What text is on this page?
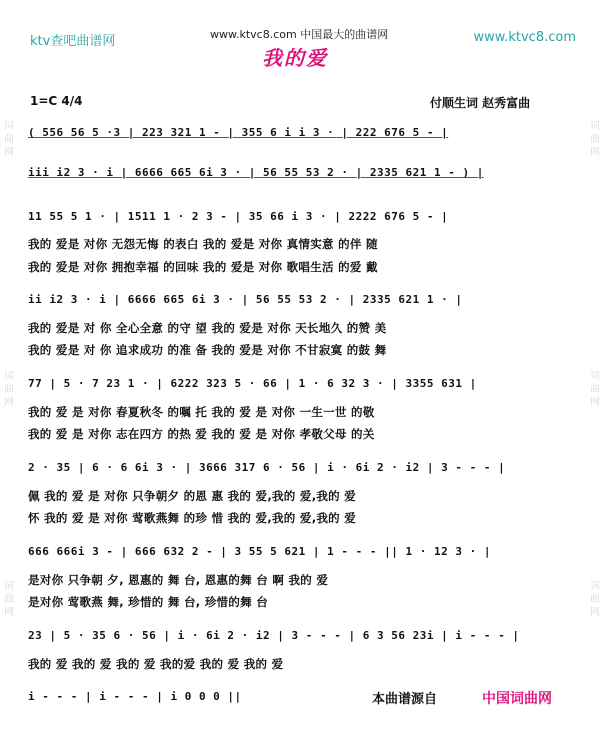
ktv查吧曲谱网	www.ktvc8.com 中国最大的曲谱网	www.ktvc8.com
我的爱
词 曲 网
词 曲 网
词 曲 网
词 曲 网
词 曲 网
词 曲 网
1=C 4/4	付顺生词 赵秀富曲
( 556 56 5 ·3 | 223 321 1 - | 355 6 i i 3 · | 222 676 5 - |
iii i2 3 · i | 6666 665 6i 3 · | 56 55 53 2 · | 2335 621 1 - ) |
11 55 5 1 · | 1511 1 · 2 3 - | 35 66 i 3 · | 2222 676 5 - |
我的 爱是 对你 无怨无悔 的表白 我的 爱是 对你 真情实意 的伴 随
我的 爱是 对你 拥抱幸福 的回味 我的 爱是 对你 歌唱生活 的爱 戴
ii i2 3 · i | 6666 665 6i 3 · | 56 55 53 2 · | 2335 621 1 · |
我的 爱是 对 你 全心全意 的守 望 我的 爱是 对你 天长地久 的赞 美
我的 爱是 对 你 追求成功 的准 备 我的 爱是 对你 不甘寂寞 的鼓 舞
77 | 5 · 7 23 1 · | 6222 323 5 · 66 | 1 · 6 32 3 · | 3355 631 |
我的 爱 是 对你 春夏秋冬 的嘱 托 我的 爱 是 对你 一生一世 的敬
我的 爱 是 对你 志在四方 的热 爱 我的 爱 是 对你 孝敬父母 的关
2 · 35 | 6 · 6 6i 3 · | 3666 317 6 · 56 | i · 6i 2 · i2 | 3 - - - |
佩 我的 爱 是 对你 只争朝夕 的恩 惠 我的 爱,我的 爱,我的 爱
怀 我的 爱 是 对你 莺歌燕舞 的珍 惜 我的 爱,我的 爱,我的 爱
666 666i 3 - | 666 632 2 - | 3 55 5 621 | 1 - - - || 1 · 12 3 · |
是对你 只争朝 夕, 恩惠的 舞 台, 恩惠的舞 台 啊 我的 爱
是对你 莺歌燕 舞, 珍惜的 舞 台, 珍惜的舞 台
23 | 5 · 35 6 · 56 | i · 6i 2 · i2 | 3 - - - | 6 3 56 23i | i - - - |
我的 爱 我的 爱 我的 爱 我的爱 我的 爱 我的 爱
i - - - | i - - - | i 0 0 0 ||	本曲谱源自	中国词曲网
